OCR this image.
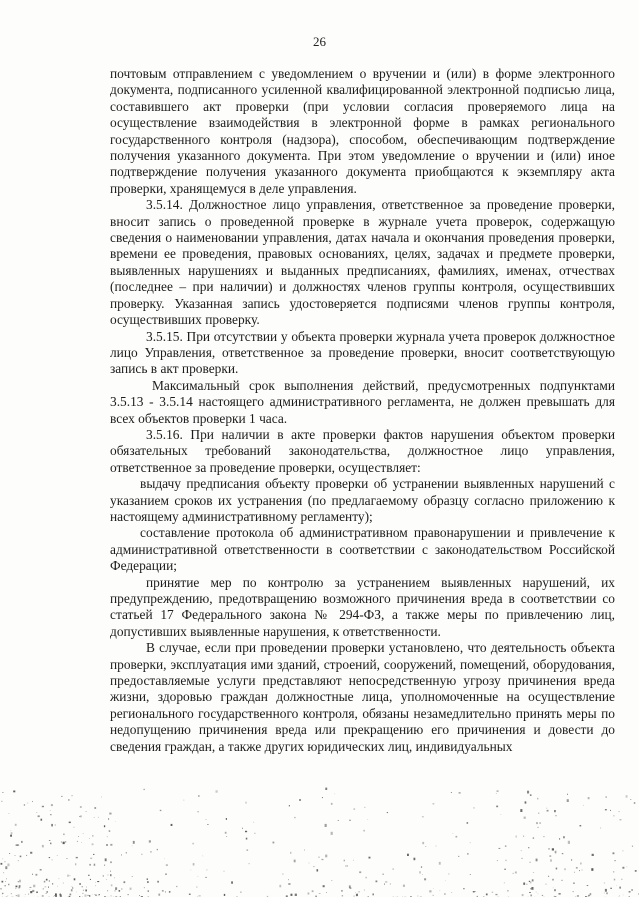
26

почтовым отправлением с уведомлением о вручении и (или) в форме электронного документа, подписанного усиленной квалифицированной электронной подписью лица, составившего акт проверки (при условии согласия проверяемого лица на осуществление взаимодействия в электронной форме в рамках регионального государственного контроля (надзора), способом, обеспечивающим подтверждение получения указанного документа. При этом уведомление о вручении и (или) иное подтверждение получения указанного документа приобщаются к экземпляру акта проверки, хранящемуся в деле управления.

3.5.14. Должностное лицо управления, ответственное за проведение проверки, вносит запись о проведенной проверке в журнале учета проверок, содержащую сведения о наименовании управления, датах начала и окончания проведения проверки, времени ее проведения, правовых основаниях, целях, задачах и предмете проверки, выявленных нарушениях и выданных предписаниях, фамилиях, именах, отчествах (последнее – при наличии) и должностях членов группы контроля, осуществивших проверку. Указанная запись удостоверяется подписями членов группы контроля, осуществивших проверку.

3.5.15. При отсутствии у объекта проверки журнала учета проверок должностное лицо Управления, ответственное за проведение проверки, вносит соответствующую запись в акт проверки.

Максимальный срок выполнения действий, предусмотренных подпунктами 3.5.13 - 3.5.14 настоящего административного регламента, не должен превышать для всех объектов проверки 1 часа.

3.5.16. При наличии в акте проверки фактов нарушения объектом проверки обязательных требований законодательства, должностное лицо управления, ответственное за проведение проверки, осуществляет:

выдачу предписания объекту проверки об устранении выявленных нарушений с указанием сроков их устранения (по предлагаемому образцу согласно приложению к настоящему административному регламенту);

составление протокола об административном правонарушении и привлечение к административной ответственности в соответствии с законодательством Российской Федерации;

принятие мер по контролю за устранением выявленных нарушений, их предупреждению, предотвращению возможного причинения вреда в соответствии со статьей 17 Федерального закона № 294-ФЗ, а также меры по привлечению лиц, допустивших выявленные нарушения, к ответственности.

В случае, если при проведении проверки установлено, что деятельность объекта проверки, эксплуатация ими зданий, строений, сооружений, помещений, оборудования, предоставляемые услуги представляют непосредственную угрозу причинения вреда жизни, здоровью граждан должностные лица, уполномоченные на осуществление регионального государственного контроля, обязаны незамедлительно принять меры по недопущению причинения вреда или прекращению его причинения и довести до сведения граждан, а также других юридических лиц, индивидуальных
